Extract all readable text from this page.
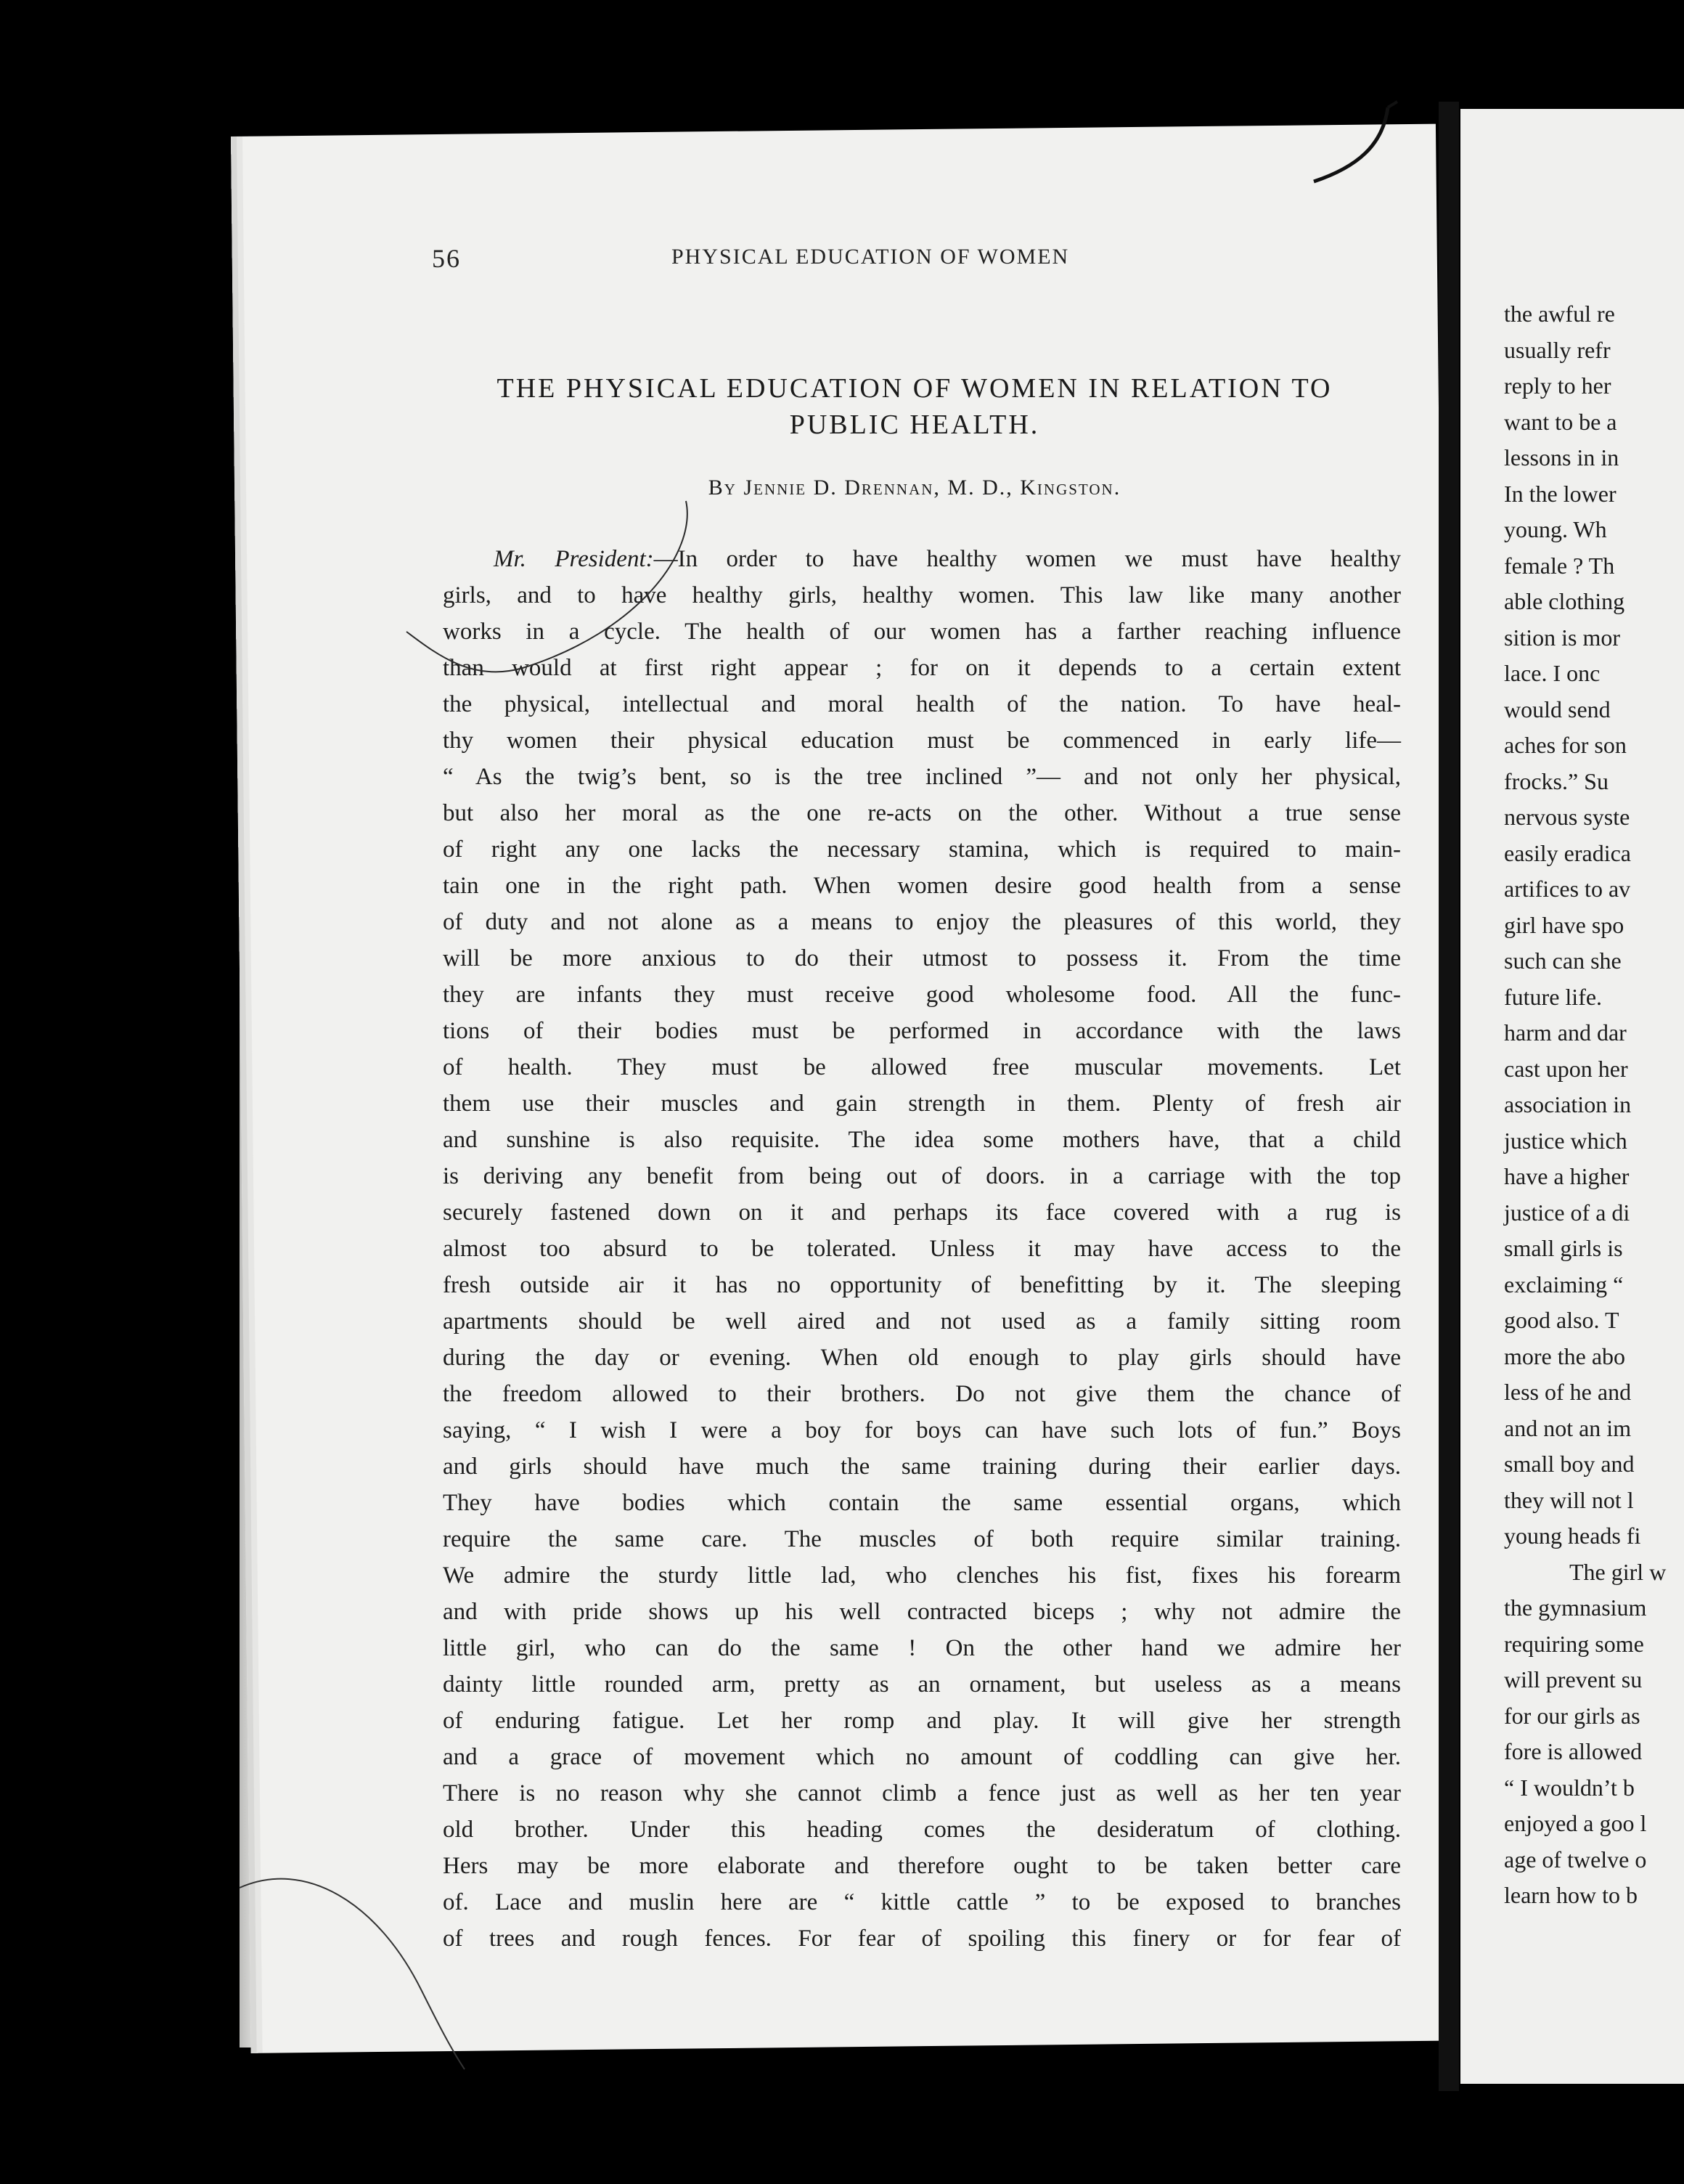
56	PHYSICAL EDUCATION OF WOMEN
THE PHYSICAL EDUCATION OF WOMEN IN RELATION TO
PUBLIC HEALTH.
By Jennie D. Drennan, M. D., Kingston.
Mr. President:—In order to have healthy women we must have healthy
girls, and to have healthy girls, healthy women. This law like many another
works in a cycle. The health of our women has a farther reaching influence
than would at first right appear ; for on it depends to a certain extent
the physical, intellectual and moral health of the nation. To have heal-
thy women their physical education must be commenced in early life—
“ As the twig’s bent, so is the tree inclined ”— and not only her physical,
but also her moral as the one re-acts on the other. Without a true sense
of right any one lacks the necessary stamina, which is required to main-
tain one in the right path. When women desire good health from a sense
of duty and not alone as a means to enjoy the pleasures of this world, they
will be more anxious to do their utmost to possess it. From the time
they are infants they must receive good wholesome food. All the func-
tions of their bodies must be performed in accordance with the laws
of health. They must be allowed free muscular movements. Let
them use their muscles and gain strength in them. Plenty of fresh air
and sunshine is also requisite. The idea some mothers have, that a child
is deriving any benefit from being out of doors. in a carriage with the top
securely fastened down on it and perhaps its face covered with a rug is
almost too absurd to be tolerated. Unless it may have access to the
fresh outside air it has no opportunity of benefitting by it. The sleeping
apartments should be well aired and not used as a family sitting room
during the day or evening. When old enough to play girls should have
the freedom allowed to their brothers. Do not give them the chance of
saying, “ I wish I were a boy for boys can have such lots of fun.” Boys
and girls should have much the same training during their earlier days.
They have bodies which contain the same essential organs, which
require the same care. The muscles of both require similar training.
We admire the sturdy little lad, who clenches his fist, fixes his forearm
and with pride shows up his well contracted biceps ; why not admire the
little girl, who can do the same ! On the other hand we admire her
dainty little rounded arm, pretty as an ornament, but useless as a means
of enduring fatigue. Let her romp and play. It will give her strength
and a grace of movement which no amount of coddling can give her.
There is no reason why she cannot climb a fence just as well as her ten year
old brother. Under this heading comes the desideratum of clothing.
Hers may be more elaborate and therefore ought to be taken better care
of. Lace and muslin here are “ kittle cattle ” to be exposed to branches
of trees and rough fences. For fear of spoiling this finery or for fear of
the awful re
usually refr
reply to her
want to be a
lessons in in
In the lower
young. Wh
female ? Th
able clothing
sition is mor
lace. I onc
would send
aches for son
frocks.” Su
nervous syste
easily eradica
artifices to av
girl have spo
such can she
future life.
harm and dar
cast upon her
association in
justice which
have a higher
justice of a di
small girls is
exclaiming “
good also. T
more the abo
less of he and
and not an im
small boy and
they will not l
young heads fi
The girl w
the gymnasium
requiring some
will prevent su
for our girls as
fore is allowed
“ I wouldn’t b
enjoyed a goo l
age of twelve o
learn how to b
